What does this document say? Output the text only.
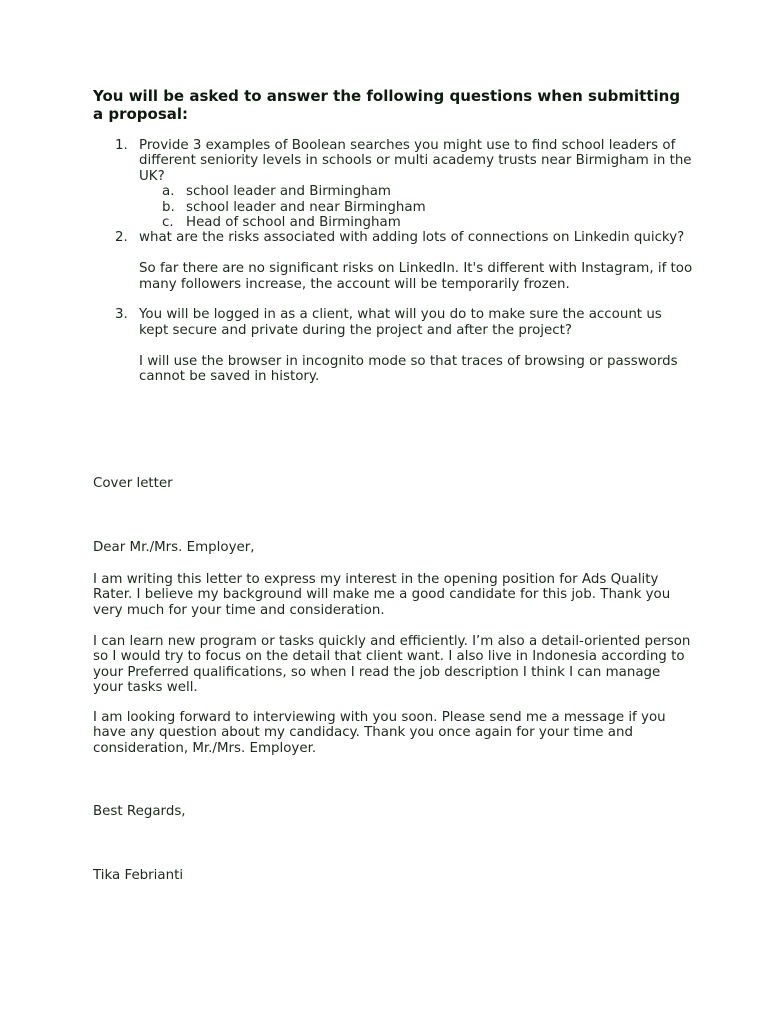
You will be asked to answer the following questions when submitting a proposal:
1. Provide 3 examples of Boolean searches you might use to find school leaders of different seniority levels in schools or multi academy trusts near Birmigham in the UK?
a. school leader and Birmingham
b. school leader and near Birmingham
c. Head of school and Birmingham
2. what are the risks associated with adding lots of connections on Linkedin quicky?
So far there are no significant risks on LinkedIn. It's different with Instagram, if too many followers increase, the account will be temporarily frozen.
3. You will be logged in as a client, what will you do to make sure the account us kept secure and private during the project and after the project?
I will use the browser in incognito mode so that traces of browsing or passwords cannot be saved in history.
Cover letter
Dear Mr./Mrs. Employer,
I am writing this letter to express my interest in the opening position for Ads Quality Rater. I believe my background will make me a good candidate for this job. Thank you very much for your time and consideration.
I can learn new program or tasks quickly and efficiently. I’m also a detail-oriented person so I would try to focus on the detail that client want. I also live in Indonesia according to your Preferred qualifications, so when I read the job description I think I can manage your tasks well.
I am looking forward to interviewing with you soon. Please send me a message if you have any question about my candidacy. Thank you once again for your time and consideration, Mr./Mrs. Employer.
Best Regards,
Tika Febrianti
